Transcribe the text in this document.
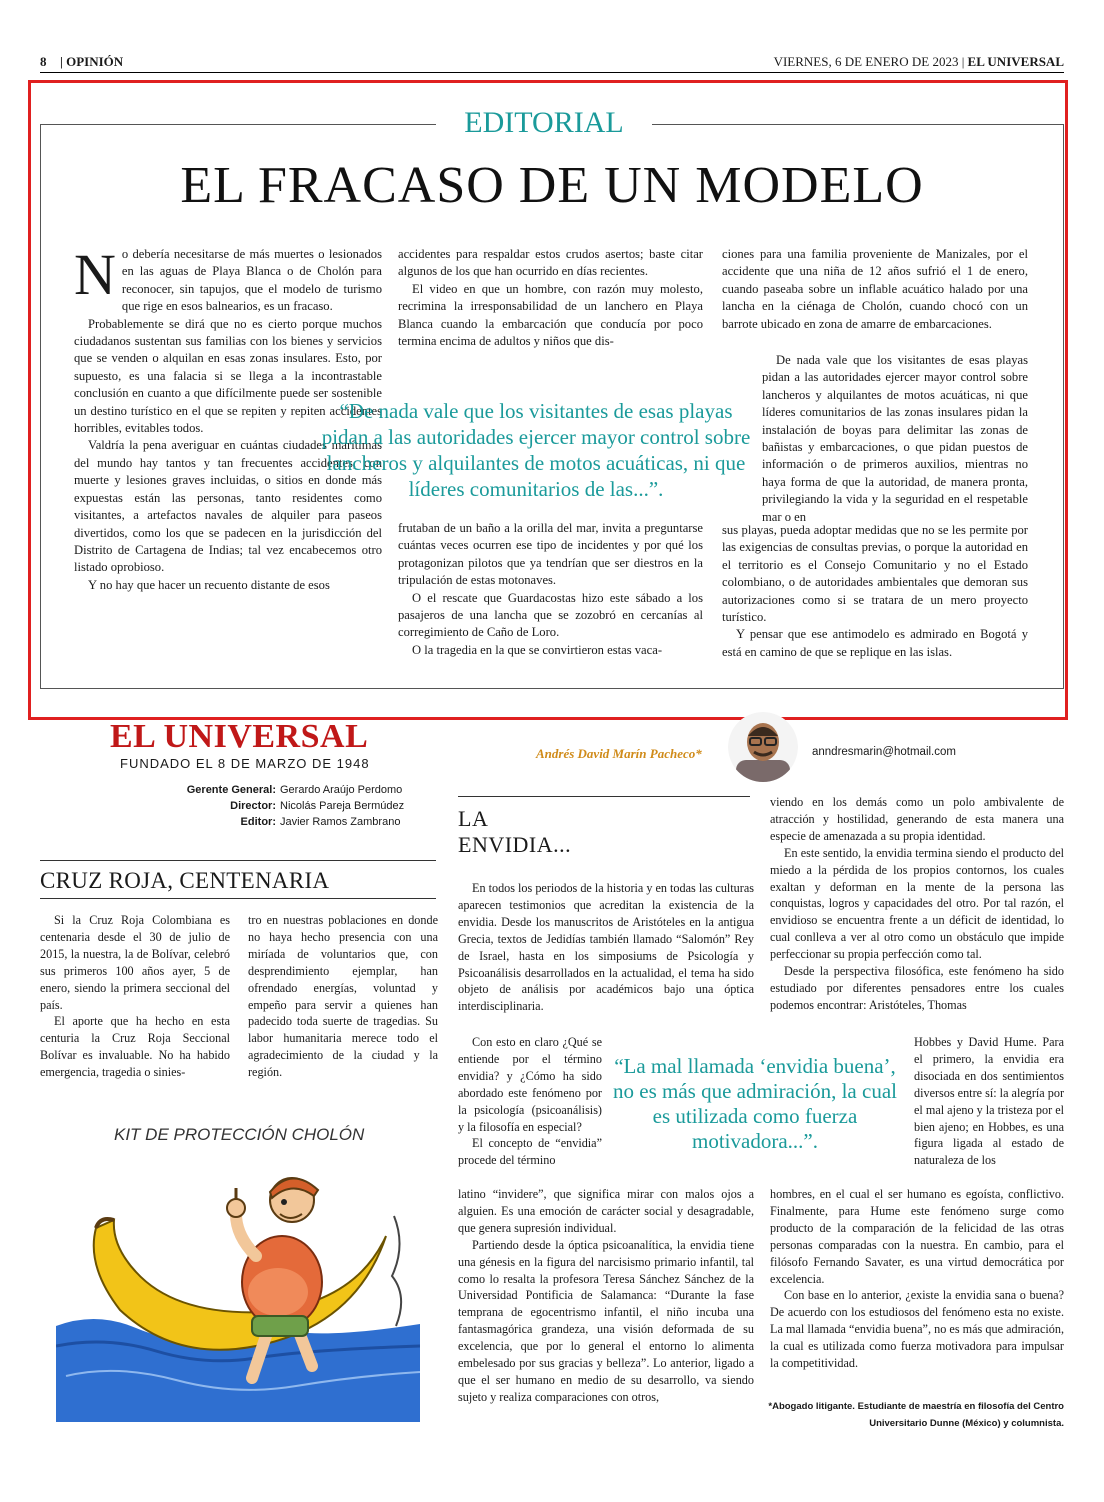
8 | OPINIÓN	VIERNES, 6 DE ENERO DE 2023 | EL UNIVERSAL
EDITORIAL
EL FRACASO DE UN MODELO

No debería necesitarse de más muertes o lesionados en las aguas de Playa Blanca o de Cholón para reconocer, sin tapujos, que el modelo de turismo que rige en esos balnearios, es un fracaso.

Probablemente se dirá que no es cierto porque muchos ciudadanos sustentan sus familias con los bienes y servicios que se venden o alquilan en esas zonas insulares. Esto, por supuesto, es una falacia si se llega a la incontrastable conclusión en cuanto a que difícilmente puede ser sostenible un destino turístico en el que se repiten y repiten accidentes horribles, evitables todos.

Valdría la pena averiguar en cuántas ciudades marítimas del mundo hay tantos y tan frecuentes accidentes, con muerte y lesiones graves incluidas, o sitios en donde más expuestas están las personas, tanto residentes como visitantes, a artefactos navales de alquiler para paseos divertidos, como los que se padecen en la jurisdicción del Distrito de Cartagena de Indias; tal vez encabecemos otro listado oprobioso.

Y no hay que hacer un recuento distante de esos

accidentes para respaldar estos crudos asertos; baste citar algunos de los que han ocurrido en días recientes.

El video en que un hombre, con razón muy molesto, recrimina la irresponsabilidad de un lanchero en Playa Blanca cuando la embarcación que conducía por poco termina encima de adultos y niños que dis-

“De nada vale que los visitantes de esas playas pidan a las autoridades ejercer mayor control sobre lancheros y alquilantes de motos acuáticas, ni que líderes comunitarios de las...”.

frutaban de un baño a la orilla del mar, invita a preguntarse cuántas veces ocurren ese tipo de incidentes y por qué los protagonizan pilotos que ya tendrían que ser diestros en la tripulación de estas motonaves.

O el rescate que Guardacostas hizo este sábado a los pasajeros de una lancha que se zozobró en cercanías al corregimiento de Caño de Loro.

O la tragedia en la que se convirtieron estas vaca-

ciones para una familia proveniente de Manizales, por el accidente que una niña de 12 años sufrió el 1 de enero, cuando paseaba sobre un inflable acuático halado por una lancha en la ciénaga de Cholón, cuando chocó con un barrote ubicado en zona de amarre de embarcaciones.

De nada vale que los visitantes de esas playas pidan a las autoridades ejercer mayor control sobre lancheros y alquilantes de motos acuáticas, ni que líderes comunitarios de las zonas insulares pidan la instalación de boyas para delimitar las zonas de bañistas y embarcaciones, o que pidan puestos de información o de primeros auxilios, mientras no haya forma de que la autoridad, de manera pronta, privilegiando la vida y la seguridad en el respetable mar o en

sus playas, pueda adoptar medidas que no se les permite por las exigencias de consultas previas, o porque la autoridad en el territorio es el Consejo Comunitario y no el Estado colombiano, o de autoridades ambientales que demoran sus autorizaciones como si se tratara de un mero proyecto turístico.

Y pensar que ese antimodelo es admirado en Bogotá y está en camino de que se replique en las islas.

EL UNIVERSAL
FUNDADO EL 8 DE MARZO DE 1948
Gerente General:
Director:
Editor:
Gerardo Araújo Perdomo
Nicolás Pareja Bermúdez
Javier Ramos Zambrano
CRUZ ROJA, CENTENARIA

Si la Cruz Roja Colombiana es centenaria desde el 30 de julio de 2015, la nuestra, la de Bolívar, celebró sus primeros 100 años ayer, 5 de enero, siendo la primera seccional del país.

El aporte que ha hecho en esta centuria la Cruz Roja Seccional Bolívar es invaluable. No ha habido emergencia, tragedia o sinies-

tro en nuestras poblaciones en donde no haya hecho presencia con una miríada de voluntarios que, con desprendimiento ejemplar, han ofrendado energías, voluntad y empeño para servir a quienes han padecido toda suerte de tragedias. Su labor humanitaria merece todo el agradecimiento de la ciudad y la región.

KIT DE PROTECCIÓN CHOLÓN
Andrés David Marín Pacheco*	anndresmarin@hotmail.com
LA
ENVIDIA...

En todos los periodos de la historia y en todas las culturas aparecen testimonios que acreditan la existencia de la envidia. Desde los manuscritos de Aristóteles en la antigua Grecia, textos de Jedidías también llamado “Salomón” Rey de Israel, hasta en los simposiums de Psicología y Psicoanálisis desarrollados en la actualidad, el tema ha sido objeto de análisis por académicos bajo una óptica interdisciplinaria.

Con esto en claro ¿Qué se entiende por el término envidia? y ¿Cómo ha sido abordado este fenómeno por la psicología (psicoanálisis) y la filosofía en especial?

El concepto de “envidia” procede del término

latino “invidere”, que significa mirar con malos ojos a alguien. Es una emoción de carácter social y desagradable, que genera supresión individual.

Partiendo desde la óptica psicoanalítica, la envidia tiene una génesis en la figura del narcisismo primario infantil, tal como lo resalta la profesora Teresa Sánchez Sánchez de la Universidad Pontificia de Salamanca: “Durante la fase temprana de egocentrismo infantil, el niño incuba una fantasmagórica grandeza, una visión deformada de su excelencia, que por lo general el entorno lo alimenta embelesado por sus gracias y belleza”. Lo anterior, ligado a que el ser humano en medio de su desarrollo, va siendo sujeto y realiza comparaciones con otros,

“La mal llamada ‘envidia buena’, no es más que admiración, la cual es utilizada como fuerza motivadora...”.

viendo en los demás como un polo ambivalente de atracción y hostilidad, generando de esta manera una especie de amenazada a su propia identidad.

En este sentido, la envidia termina siendo el producto del miedo a la pérdida de los propios contornos, los cuales exaltan y deforman en la mente de la persona las conquistas, logros y capacidades del otro. Por tal razón, el envidioso se encuentra frente a un déficit de identidad, lo cual conlleva a ver al otro como un obstáculo que impide perfeccionar su propia perfección como tal.

Desde la perspectiva filosófica, este fenómeno ha sido estudiado por diferentes pensadores entre los cuales podemos encontrar: Aristóteles, Thomas

Hobbes y David Hume. Para el primero, la envidia era disociada en dos sentimientos diversos entre sí: la alegría por el mal ajeno y la tristeza por el bien ajeno; en Hobbes, es una figura ligada al estado de naturaleza de los

hombres, en el cual el ser humano es egoísta, conflictivo. Finalmente, para Hume este fenómeno surge como producto de la comparación de la felicidad de las otras personas comparadas con la nuestra. En cambio, para el filósofo Fernando Savater, es una virtud democrática por excelencia.

Con base en lo anterior, ¿existe la envidia sana o buena? De acuerdo con los estudiosos del fenómeno esta no existe. La mal llamada “envidia buena”, no es más que admiración, la cual es utilizada como fuerza motivadora para impulsar la competitividad.

*Abogado litigante. Estudiante de maestría en filosofía del Centro Universitario Dunne (México) y columnista.
